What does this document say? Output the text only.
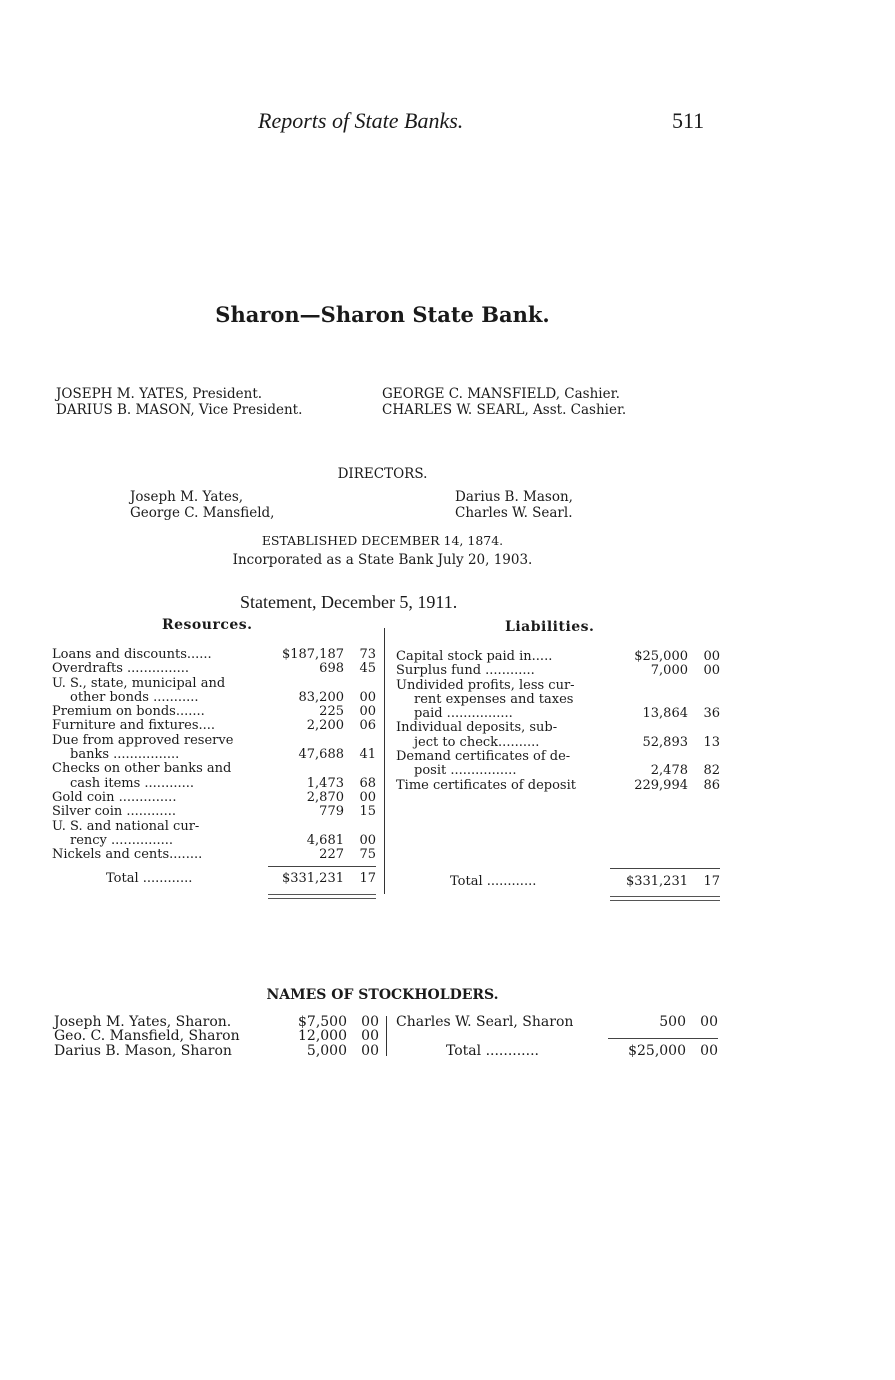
Reports of State Banks.	511
Sharon—Sharon State Bank.
JOSEPH M. YATES, President.
DARIUS B. MASON, Vice President.
GEORGE C. MANSFIELD, Cashier.
CHARLES W. SEARL, Asst. Cashier.
DIRECTORS.
Joseph M. Yates,
George C. Mansfield,
Darius B. Mason,
Charles W. Searl.
ESTABLISHED DECEMBER 14, 1874.
Incorporated as a State Bank July 20, 1903.
Statement, December 5, 1911.
Resources.	Liabilities.
Loans and discounts......	$187,187	73
Overdrafts ...............	698	45
U. S., state, municipal and
other bonds ...........	83,200	00
Premium on bonds.......	225	00
Furniture and fixtures....	2,200	06
Due from approved reserve
banks ................	47,688	41
Checks on other banks and
cash items ............	1,473	68
Gold coin ..............	2,870	00
Silver coin ............	779	15
U. S. and national cur-
rency ...............	4,681	00
Nickels and cents........	227	75
Capital stock paid in.....	$25,000	00
Surplus fund ............	7,000	00
Undivided profits, less cur-
rent expenses and taxes
paid ................	13,864	36
Individual deposits, sub-
ject to check..........	52,893	13
Demand certificates of de-
posit ................	2,478	82
Time certificates of deposit	229,994	86
Total ............	$331,231	17	Total ............	$331,231	17
NAMES OF STOCKHOLDERS.
Joseph M. Yates, Sharon.	$7,500	00
Geo. C. Mansfield, Sharon	12,000	00
Darius B. Mason, Sharon	5,000	00
Charles W. Searl, Sharon	500	00
Total ............	$25,000	00
